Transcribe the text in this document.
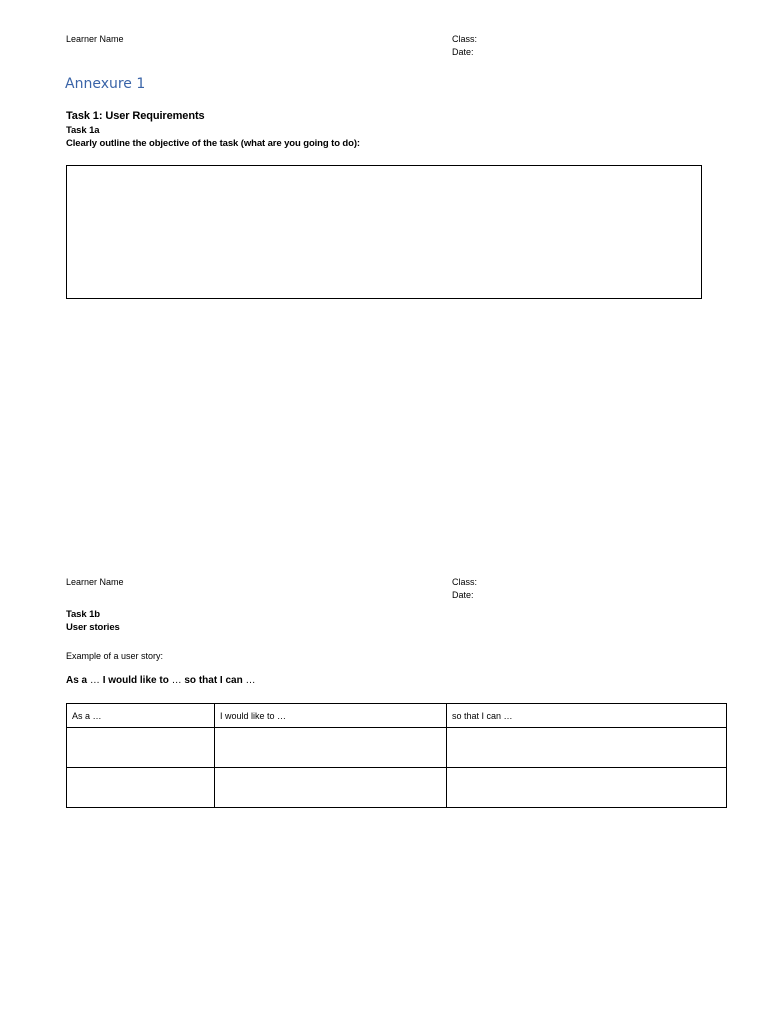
Learner Name	Class:
Date:
Annexure 1
Task 1: User Requirements
Task 1a
Clearly outline the objective of the task (what are you going to do):
Learner Name	Class:
Date:
Task 1b
User stories
Example of a user story:
As a … I would like to … so that I can …
As a …	I would like to …	so that I can …
